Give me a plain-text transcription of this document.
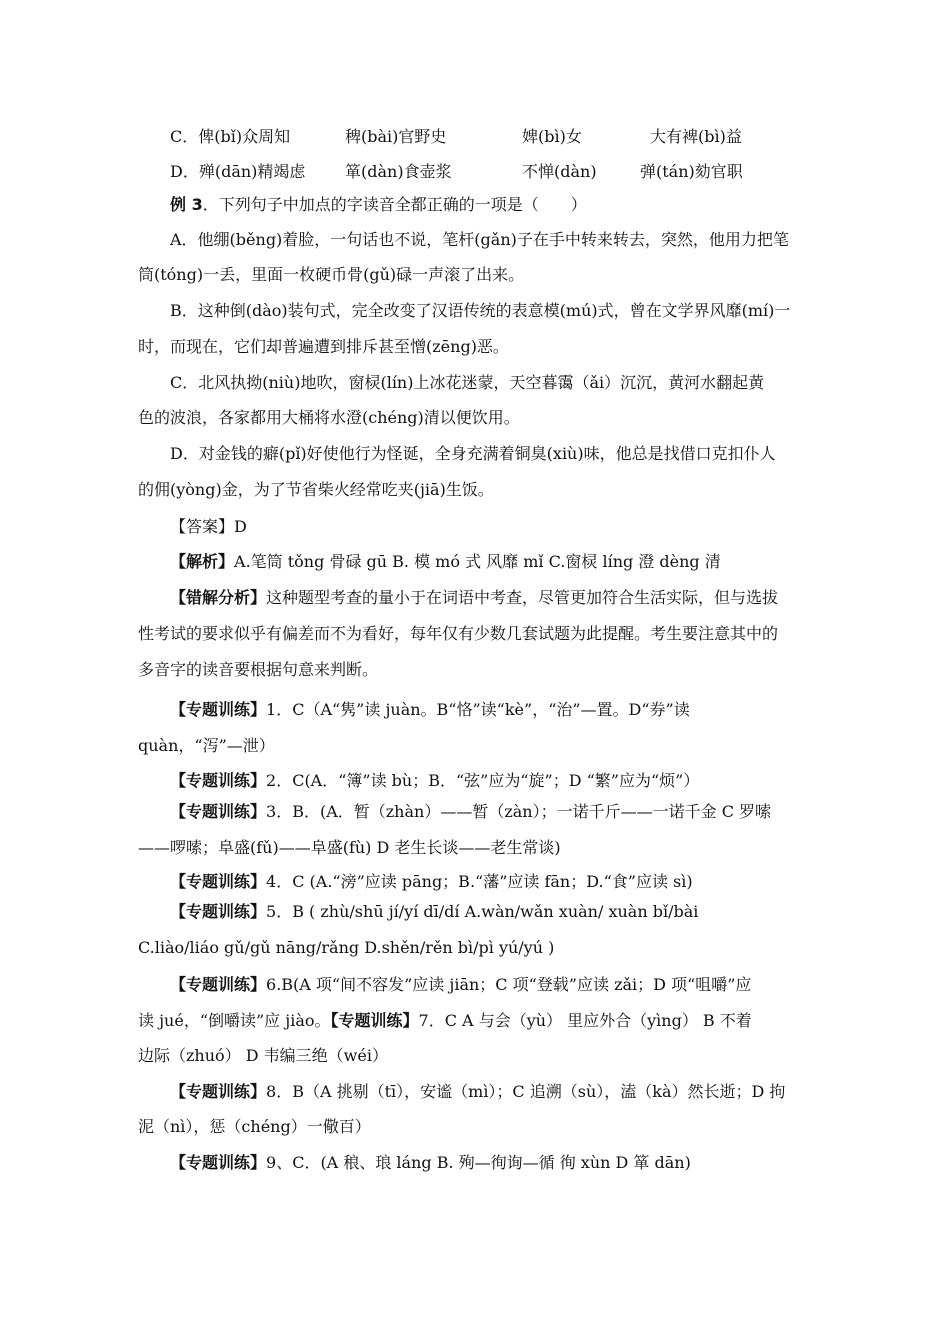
C．俾(bǐ)众周知	稗(bài)官野史	婢(bì)女	大有裨(bì)益
D．殚(dān)精竭虑 箪(dàn)食壶浆	不惮(dàn)	弹(tán)劾官职
例 3．下列句子中加点的字读音全都正确的一项是（　　）
A．他绷(běng)着脸，一句话也不说，笔杆(gǎn)子在手中转来转去，突然，他用力把笔
筒(tóng)一丢，里面一枚硬币骨(gǔ)碌一声滚了出来。
B．这种倒(dào)装句式，完全改变了汉语传统的表意模(mú)式，曾在文学界风靡(mí)一
时，而现在，它们却普遍遭到排斥甚至憎(zēng)恶。
C．北风执拗(niù)地吹，窗棂(lín)上冰花迷蒙，天空暮霭（ǎi）沉沉，黄河水翻起黄
色的波浪，各家都用大桶将水澄(chéng)清以便饮用。
D．对金钱的癖(pǐ)好使他行为怪诞，全身充满着铜臭(xiù)味，他总是找借口克扣仆人
的佣(yòng)金，为了节省柴火经常吃夹(jiā)生饭。
【答案】D
【解析】A.笔筒 tǒng 骨碌 gū B. 模 mó 式 风靡 mǐ C.窗棂 líng 澄 dèng 清
【错解分析】这种题型考查的量小于在词语中考查，尽管更加符合生活实际，但与选拔
性考试的要求似乎有偏差而不为看好，每年仅有少数几套试题为此提醒。考生要注意其中的
多音字的读音要根据句意来判断。
【专题训练】1．C（A“隽”读 juàn。B“恪”读“kè”，“治”—置。D“券”读
quàn，“泻”—泄）
【专题训练】2．C(A．“簿”读 bù；B．“弦”应为“旋”；D “繁”应为“烦”）
【专题训练】3．B．(A．暂（zhàn）——暂（zàn）；一诺千斤——一诺千金 C 罗嗦
——啰嗦；阜盛(fǔ)——阜盛(fù) D 老生长谈——老生常谈)
【专题训练】4．C (A.“滂”应读 pāng；B.“藩”应读 fān；D.“食”应读 sì)
【专题训练】5．B ( zhù/shū jí/yí dī/dí A.wàn/wǎn xuàn/ xuàn bǐ/bài
C.liào/liáo gǔ/gǔ nāng/rǎng D.shěn/rěn bì/pì yú/yú )
【专题训练】6.B(A 项“间不容发”应读 jiān；C 项“登载”应读 zǎi；D 项“咀嚼”应
读 jué，“倒嚼读”应 jiào。【专题训练】7．C A 与会（yù） 里应外合（yìng） B 不着
边际（zhuó） D 韦编三绝（wéi）
【专题训练】8．B（A 挑剔（tī），安谧（mì）；C 追溯（sù），溘（kà）然长逝；D 拘
泥（nì），惩（chéng）一儆百）
【专题训练】9、C．(A 稂、琅 láng B. 殉—徇询—循 徇 xùn D 箪 dān)
